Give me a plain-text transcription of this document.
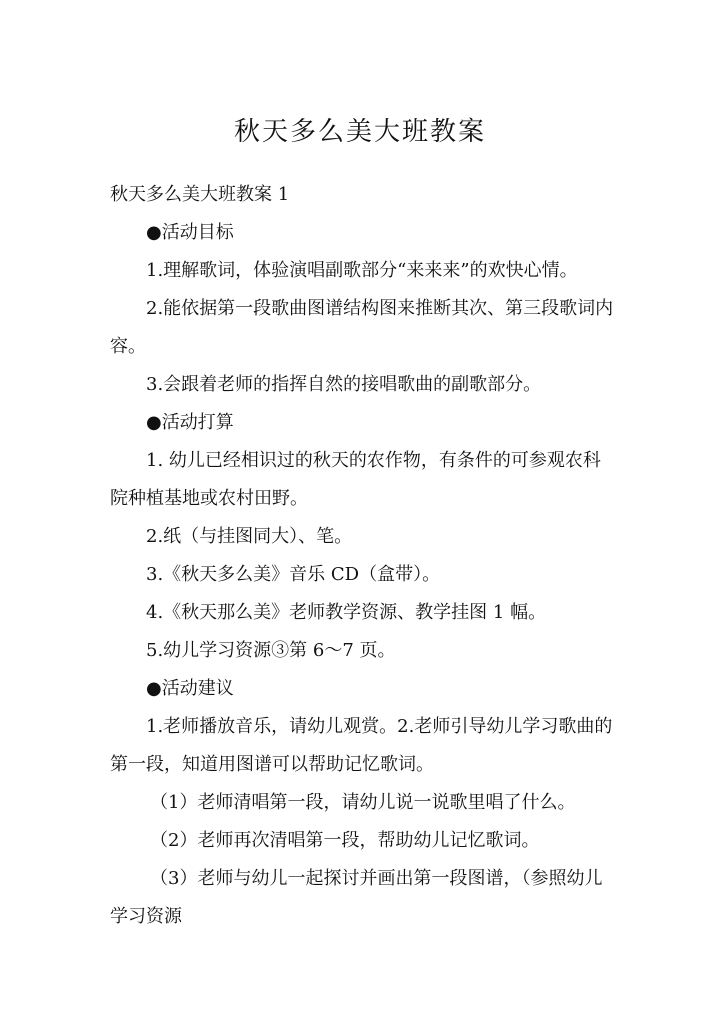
秋天多么美大班教案

秋天多么美大班教案 1

●活动目标

1.理解歌词，体验演唱副歌部分“来来来”的欢快心情。

2.能依据第一段歌曲图谱结构图来推断其次、第三段歌词内容。

3.会跟着老师的指挥自然的接唱歌曲的副歌部分。

●活动打算

1. 幼儿已经相识过的秋天的农作物，有条件的可参观农科院种植基地或农村田野。

2.纸（与挂图同大）、笔。

3.《秋天多么美》音乐 CD（盒带）。

4.《秋天那么美》老师教学资源、教学挂图 1 幅。

5.幼儿学习资源③第 6～7 页。

●活动建议

1.老师播放音乐，请幼儿观赏。2.老师引导幼儿学习歌曲的第一段，知道用图谱可以帮助记忆歌词。

（1）老师清唱第一段，请幼儿说一说歌里唱了什么。

（2）老师再次清唱第一段，帮助幼儿记忆歌词。

（3）老师与幼儿一起探讨并画出第一段图谱，（参照幼儿学习资源
